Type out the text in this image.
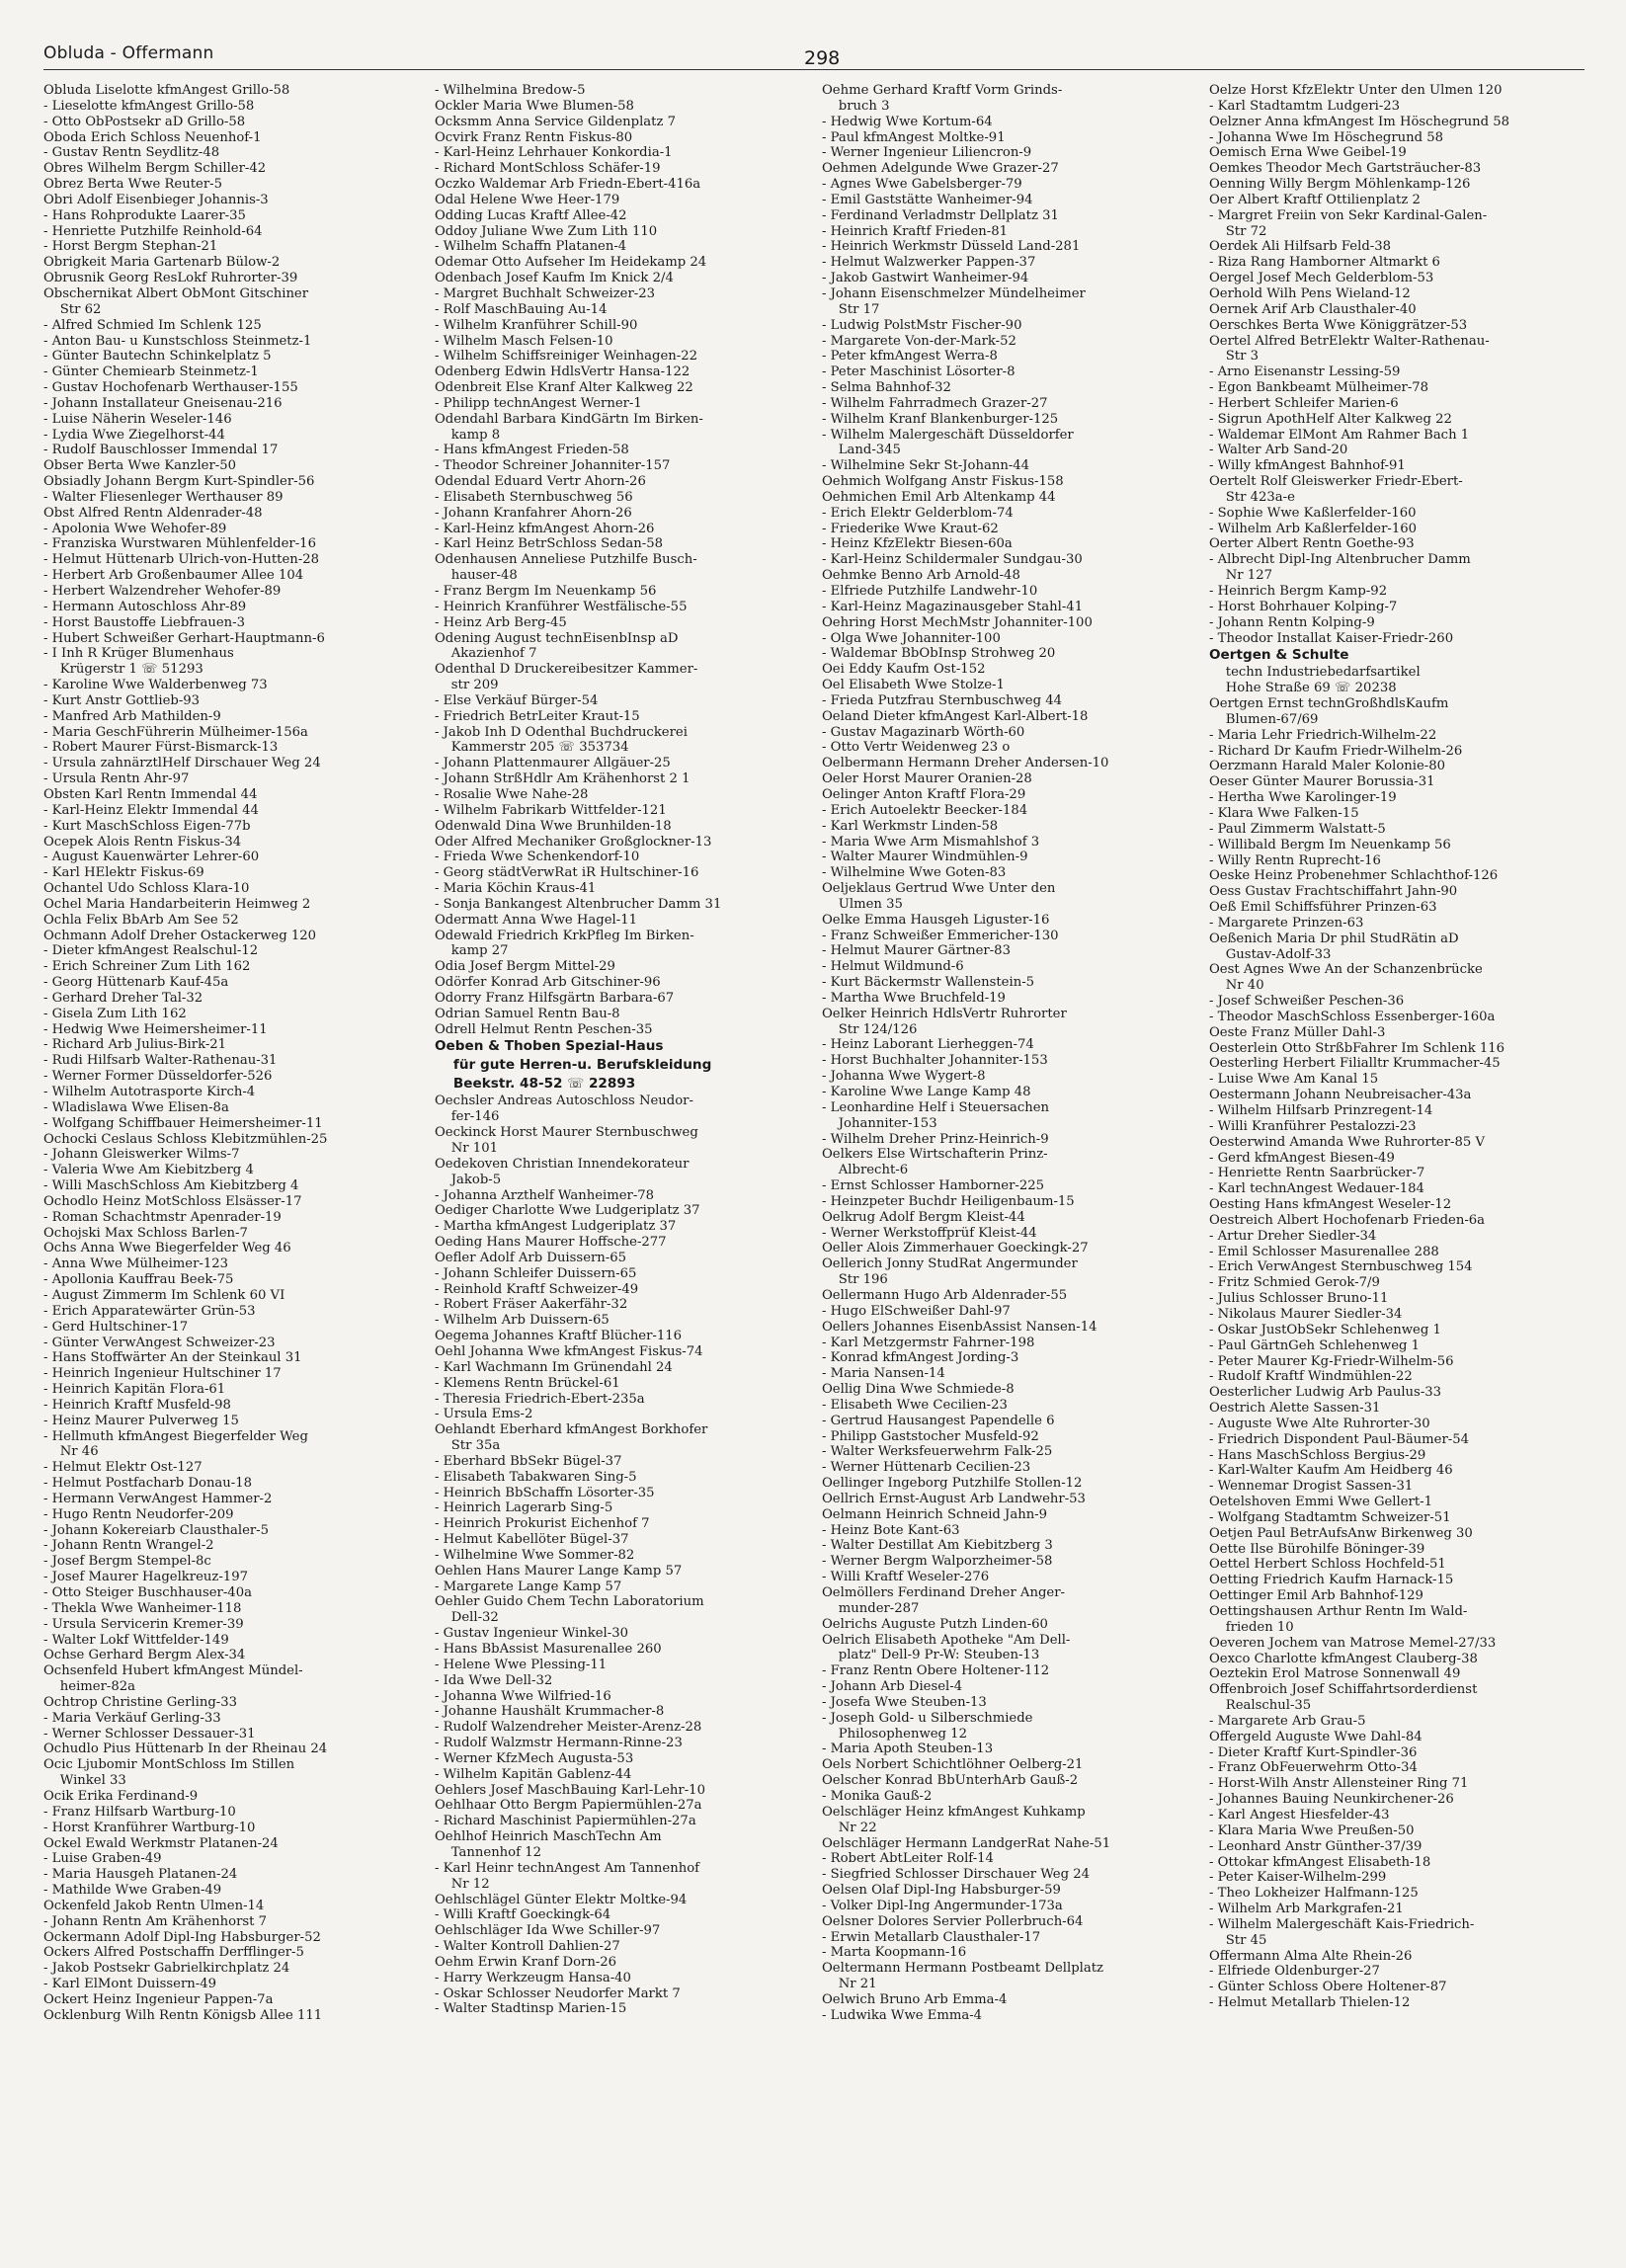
Obluda - Offermann	298
Obluda Liselotte kfmAngest Grillo-58
- Lieselotte kfmAngest Grillo-58
- Otto ObPostsekr aD Grillo-58
Oboda Erich Schloss Neuenhof-1
- Gustav Rentn Seydlitz-48
Obres Wilhelm Bergm Schiller-42
Obrez Berta Wwe Reuter-5
Obri Adolf Eisenbieger Johannis-3
- Hans Rohprodukte Laarer-35
- Henriette Putzhilfe Reinhold-64
- Horst Bergm Stephan-21
Obrigkeit Maria Gartenarb Bülow-2
Obrusnik Georg ResLokf Ruhrorter-39
Obschernikat Albert ObMont Gitschiner
Str 62
- Alfred Schmied Im Schlenk 125
- Anton Bau- u Kunstschloss Steinmetz-1
- Günter Bautechn Schinkelplatz 5
- Günter Chemiearb Steinmetz-1
- Gustav Hochofenarb Werthauser-155
- Johann Installateur Gneisenau-216
- Luise Näherin Weseler-146
- Lydia Wwe Ziegelhorst-44
- Rudolf Bauschlosser Immendal 17
Obser Berta Wwe Kanzler-50
Obsiadly Johann Bergm Kurt-Spindler-56
- Walter Fliesenleger Werthauser 89
Obst Alfred Rentn Aldenrader-48
- Apolonia Wwe Wehofer-89
- Franziska Wurstwaren Mühlenfelder-16
- Helmut Hüttenarb Ulrich-von-Hutten-28
- Herbert Arb Großenbaumer Allee 104
- Herbert Walzendreher Wehofer-89
- Hermann Autoschloss Ahr-89
- Horst Baustoffe Liebfrauen-3
- Hubert Schweißer Gerhart-Hauptmann-6
- I Inh R Krüger Blumenhaus
Krügerstr 1 ☏ 51293
- Karoline Wwe Walderbenweg 73
- Kurt Anstr Gottlieb-93
- Manfred Arb Mathilden-9
- Maria GeschFührerin Mülheimer-156a
- Robert Maurer Fürst-Bismarck-13
- Ursula zahnärztlHelf Dirschauer Weg 24
- Ursula Rentn Ahr-97
Obsten Karl Rentn Immendal 44
- Karl-Heinz Elektr Immendal 44
- Kurt MaschSchloss Eigen-77b
Ocepek Alois Rentn Fiskus-34
- August Kauenwärter Lehrer-60
- Karl HElektr Fiskus-69
Ochantel Udo Schloss Klara-10
Ochel Maria Handarbeiterin Heimweg 2
Ochla Felix BbArb Am See 52
Ochmann Adolf Dreher Ostackerweg 120
- Dieter kfmAngest Realschul-12
- Erich Schreiner Zum Lith 162
- Georg Hüttenarb Kauf-45a
- Gerhard Dreher Tal-32
- Gisela Zum Lith 162
- Hedwig Wwe Heimersheimer-11
- Richard Arb Julius-Birk-21
- Rudi Hilfsarb Walter-Rathenau-31
- Werner Former Düsseldorfer-526
- Wilhelm Autotrasporte Kirch-4
- Wladislawa Wwe Elisen-8a
- Wolfgang Schiffbauer Heimersheimer-11
Ochocki Ceslaus Schloss Klebitzmühlen-25
- Johann Gleiswerker Wilms-7
- Valeria Wwe Am Kiebitzberg 4
- Willi MaschSchloss Am Kiebitzberg 4
Ochodlo Heinz MotSchloss Elsässer-17
- Roman Schachtmstr Apenrader-19
Ochojski Max Schloss Barlen-7
Ochs Anna Wwe Biegerfelder Weg 46
- Anna Wwe Mülheimer-123
- Apollonia Kauffrau Beek-75
- August Zimmerm Im Schlenk 60 VI
- Erich Apparatewärter Grün-53
- Gerd Hultschiner-17
- Günter VerwAngest Schweizer-23
- Hans Stoffwärter An der Steinkaul 31
- Heinrich Ingenieur Hultschiner 17
- Heinrich Kapitän Flora-61
- Heinrich Kraftf Musfeld-98
- Heinz Maurer Pulverweg 15
- Hellmuth kfmAngest Biegerfelder Weg
Nr 46
- Helmut Elektr Ost-127
- Helmut Postfacharb Donau-18
- Hermann VerwAngest Hammer-2
- Hugo Rentn Neudorfer-209
- Johann Kokereiarb Clausthaler-5
- Johann Rentn Wrangel-2
- Josef Bergm Stempel-8c
- Josef Maurer Hagelkreuz-197
- Otto Steiger Buschhauser-40a
- Thekla Wwe Wanheimer-118
- Ursula Servicerin Kremer-39
- Walter Lokf Wittfelder-149
Ochse Gerhard Bergm Alex-34
Ochsenfeld Hubert kfmAngest Mündel-
heimer-82a
Ochtrop Christine Gerling-33
- Maria Verkäuf Gerling-33
- Werner Schlosser Dessauer-31
Ochudlo Pius Hüttenarb In der Rheinau 24
Ocic Ljubomir MontSchloss Im Stillen
Winkel 33
Ocik Erika Ferdinand-9
- Franz Hilfsarb Wartburg-10
- Horst Kranführer Wartburg-10
Ockel Ewald Werkmstr Platanen-24
- Luise Graben-49
- Maria Hausgeh Platanen-24
- Mathilde Wwe Graben-49
Ockenfeld Jakob Rentn Ulmen-14
- Johann Rentn Am Krähenhorst 7
Ockermann Adolf Dipl-Ing Habsburger-52
Ockers Alfred Postschaffn Derfflinger-5
- Jakob Postsekr Gabrielkirchplatz 24
- Karl ElMont Duissern-49
Ockert Heinz Ingenieur Pappen-7a
Ocklenburg Wilh Rentn Königsb Allee 111
- Wilhelmina Bredow-5
Ockler Maria Wwe Blumen-58
Ocksmm Anna Service Gildenplatz 7
Ocvirk Franz Rentn Fiskus-80
- Karl-Heinz Lehrhauer Konkordia-1
- Richard MontSchloss Schäfer-19
Oczko Waldemar Arb Friedn-Ebert-416a
Odal Helene Wwe Heer-179
Odding Lucas Kraftf Allee-42
Oddoy Juliane Wwe Zum Lith 110
- Wilhelm Schaffn Platanen-4
Odemar Otto Aufseher Im Heidekamp 24
Odenbach Josef Kaufm Im Knick 2/4
- Margret Buchhalt Schweizer-23
- Rolf MaschBauing Au-14
- Wilhelm Kranführer Schill-90
- Wilhelm Masch Felsen-10
- Wilhelm Schiffsreiniger Weinhagen-22
Odenberg Edwin HdlsVertr Hansa-122
Odenbreit Else Kranf Alter Kalkweg 22
- Philipp technAngest Werner-1
Odendahl Barbara KindGärtn Im Birken-
kamp 8
- Hans kfmAngest Frieden-58
- Theodor Schreiner Johanniter-157
Odendal Eduard Vertr Ahorn-26
- Elisabeth Sternbuschweg 56
- Johann Kranfahrer Ahorn-26
- Karl-Heinz kfmAngest Ahorn-26
- Karl Heinz BetrSchloss Sedan-58
Odenhausen Anneliese Putzhilfe Busch-
hauser-48
- Franz Bergm Im Neuenkamp 56
- Heinrich Kranführer Westfälische-55
- Heinz Arb Berg-45
Odening August technEisenbInsp aD
Akazienhof 7
Odenthal D Druckereibesitzer Kammer-
str 209
- Else Verkäuf Bürger-54
- Friedrich BetrLeiter Kraut-15
- Jakob Inh D Odenthal Buchdruckerei
Kammerstr 205 ☏ 353734
- Johann Plattenmaurer Allgäuer-25
- Johann StrßHdlr Am Krähenhorst 2 1
- Rosalie Wwe Nahe-28
- Wilhelm Fabrikarb Wittfelder-121
Odenwald Dina Wwe Brunhilden-18
Oder Alfred Mechaniker Großglockner-13
- Frieda Wwe Schenkendorf-10
- Georg städtVerwRat iR Hultschiner-16
- Maria Köchin Kraus-41
- Sonja Bankangest Altenbrucher Damm 31
Odermatt Anna Wwe Hagel-11
Odewald Friedrich KrkPfleg Im Birken-
kamp 27
Odia Josef Bergm Mittel-29
Odörfer Konrad Arb Gitschiner-96
Odorry Franz Hilfsgärtn Barbara-67
Odrian Samuel Rentn Bau-8
Odrell Helmut Rentn Peschen-35
Oeben & Thoben Spezial-Haus
für gute Herren-u. Berufskleidung
Beekstr. 48-52 ☏ 22893
Oechsler Andreas Autoschloss Neudor-
fer-146
Oeckinck Horst Maurer Sternbuschweg
Nr 101
Oedekoven Christian Innendekorateur
Jakob-5
- Johanna Arzthelf Wanheimer-78
Oediger Charlotte Wwe Ludgeriplatz 37
- Martha kfmAngest Ludgeriplatz 37
Oeding Hans Maurer Hoffsche-277
Oefler Adolf Arb Duissern-65
- Johann Schleifer Duissern-65
- Reinhold Kraftf Schweizer-49
- Robert Fräser Aakerfähr-32
- Wilhelm Arb Duissern-65
Oegema Johannes Kraftf Blücher-116
Oehl Johanna Wwe kfmAngest Fiskus-74
- Karl Wachmann Im Grünendahl 24
- Klemens Rentn Brückel-61
- Theresia Friedrich-Ebert-235a
- Ursula Ems-2
Oehlandt Eberhard kfmAngest Borkhofer
Str 35a
- Eberhard BbSekr Bügel-37
- Elisabeth Tabakwaren Sing-5
- Heinrich BbSchaffn Lösorter-35
- Heinrich Lagerarb Sing-5
- Heinrich Prokurist Eichenhof 7
- Helmut Kabellöter Bügel-37
- Wilhelmine Wwe Sommer-82
Oehlen Hans Maurer Lange Kamp 57
- Margarete Lange Kamp 57
Oehler Guido Chem Techn Laboratorium
Dell-32
- Gustav Ingenieur Winkel-30
- Hans BbAssist Masurenallee 260
- Helene Wwe Plessing-11
- Ida Wwe Dell-32
- Johanna Wwe Wilfried-16
- Johanne Haushält Krummacher-8
- Rudolf Walzendreher Meister-Arenz-28
- Rudolf Walzmstr Hermann-Rinne-23
- Werner KfzMech Augusta-53
- Wilhelm Kapitän Gablenz-44
Oehlers Josef MaschBauing Karl-Lehr-10
Oehlhaar Otto Bergm Papiermühlen-27a
- Richard Maschinist Papiermühlen-27a
Oehlhof Heinrich MaschTechn Am
Tannenhof 12
- Karl Heinr technAngest Am Tannenhof
Nr 12
Oehlschlägel Günter Elektr Moltke-94
- Willi Kraftf Goeckingk-64
Oehlschläger Ida Wwe Schiller-97
- Walter Kontroll Dahlien-27
Oehm Erwin Kranf Dorn-26
- Harry Werkzeugm Hansa-40
- Oskar Schlosser Neudorfer Markt 7
- Walter Stadtinsp Marien-15
Oehme Gerhard Kraftf Vorm Grinds-
bruch 3
- Hedwig Wwe Kortum-64
- Paul kfmAngest Moltke-91
- Werner Ingenieur Liliencron-9
Oehmen Adelgunde Wwe Grazer-27
- Agnes Wwe Gabelsberger-79
- Emil Gaststätte Wanheimer-94
- Ferdinand Verladmstr Dellplatz 31
- Heinrich Kraftf Frieden-81
- Heinrich Werkmstr Düsseld Land-281
- Helmut Walzwerker Pappen-37
- Jakob Gastwirt Wanheimer-94
- Johann Eisenschmelzer Mündelheimer
Str 17
- Ludwig PolstMstr Fischer-90
- Margarete Von-der-Mark-52
- Peter kfmAngest Werra-8
- Peter Maschinist Lösorter-8
- Selma Bahnhof-32
- Wilhelm Fahrradmech Grazer-27
- Wilhelm Kranf Blankenburger-125
- Wilhelm Malergeschäft Düsseldorfer
Land-345
- Wilhelmine Sekr St-Johann-44
Oehmich Wolfgang Anstr Fiskus-158
Oehmichen Emil Arb Altenkamp 44
- Erich Elektr Gelderblom-74
- Friederike Wwe Kraut-62
- Heinz KfzElektr Biesen-60a
- Karl-Heinz Schildermaler Sundgau-30
Oehmke Benno Arb Arnold-48
- Elfriede Putzhilfe Landwehr-10
- Karl-Heinz Magazinausgeber Stahl-41
Oehring Horst MechMstr Johanniter-100
- Olga Wwe Johanniter-100
- Waldemar BbObInsp Strohweg 20
Oei Eddy Kaufm Ost-152
Oel Elisabeth Wwe Stolze-1
- Frieda Putzfrau Sternbuschweg 44
Oeland Dieter kfmAngest Karl-Albert-18
- Gustav Magazinarb Wörth-60
- Otto Vertr Weidenweg 23 o
Oelbermann Hermann Dreher Andersen-10
Oeler Horst Maurer Oranien-28
Oelinger Anton Kraftf Flora-29
- Erich Autoelektr Beecker-184
- Karl Werkmstr Linden-58
- Maria Wwe Arm Mismahlshof 3
- Walter Maurer Windmühlen-9
- Wilhelmine Wwe Goten-83
Oeljeklaus Gertrud Wwe Unter den
Ulmen 35
Oelke Emma Hausgeh Liguster-16
- Franz Schweißer Emmericher-130
- Helmut Maurer Gärtner-83
- Helmut Wildmund-6
- Kurt Bäckermstr Wallenstein-5
- Martha Wwe Bruchfeld-19
Oelker Heinrich HdlsVertr Ruhrorter
Str 124/126
- Heinz Laborant Lierheggen-74
- Horst Buchhalter Johanniter-153
- Johanna Wwe Wygert-8
- Karoline Wwe Lange Kamp 48
- Leonhardine Helf i Steuersachen
Johanniter-153
- Wilhelm Dreher Prinz-Heinrich-9
Oelkers Else Wirtschafterin Prinz-
Albrecht-6
- Ernst Schlosser Hamborner-225
- Heinzpeter Buchdr Heiligenbaum-15
Oelkrug Adolf Bergm Kleist-44
- Werner Werkstoffprüf Kleist-44
Oeller Alois Zimmerhauer Goeckingk-27
Oellerich Jonny StudRat Angermunder
Str 196
Oellermann Hugo Arb Aldenrader-55
- Hugo ElSchweißer Dahl-97
Oellers Johannes EisenbAssist Nansen-14
- Karl Metzgermstr Fahrner-198
- Konrad kfmAngest Jording-3
- Maria Nansen-14
Oellig Dina Wwe Schmiede-8
- Elisabeth Wwe Cecilien-23
- Gertrud Hausangest Papendelle 6
- Philipp Gaststocher Musfeld-92
- Walter Werksfeuerwehrm Falk-25
- Werner Hüttenarb Cecilien-23
Oellinger Ingeborg Putzhilfe Stollen-12
Oellrich Ernst-August Arb Landwehr-53
Oelmann Heinrich Schneid Jahn-9
- Heinz Bote Kant-63
- Walter Destillat Am Kiebitzberg 3
- Werner Bergm Walporzheimer-58
- Willi Kraftf Weseler-276
Oelmöllers Ferdinand Dreher Anger-
munder-287
Oelrichs Auguste Putzh Linden-60
Oelrich Elisabeth Apotheke "Am Dell-
platz" Dell-9 Pr-W: Steuben-13
- Franz Rentn Obere Holtener-112
- Johann Arb Diesel-4
- Josefa Wwe Steuben-13
- Joseph Gold- u Silberschmiede
Philosophenweg 12
- Maria Apoth Steuben-13
Oels Norbert Schichtlöhner Oelberg-21
Oelscher Konrad BbUnterhArb Gauß-2
- Monika Gauß-2
Oelschläger Heinz kfmAngest Kuhkamp
Nr 22
Oelschläger Hermann LandgerRat Nahe-51
- Robert AbtLeiter Rolf-14
- Siegfried Schlosser Dirschauer Weg 24
Oelsen Olaf Dipl-Ing Habsburger-59
- Volker Dipl-Ing Angermunder-173a
Oelsner Dolores Servier Pollerbruch-64
- Erwin Metallarb Clausthaler-17
- Marta Koopmann-16
Oeltermann Hermann Postbeamt Dellplatz
Nr 21
Oelwich Bruno Arb Emma-4
- Ludwika Wwe Emma-4
Oelze Horst KfzElektr Unter den Ulmen 120
- Karl Stadtamtm Ludgeri-23
Oelzner Anna kfmAngest Im Höschegrund 58
- Johanna Wwe Im Höschegrund 58
Oemisch Erna Wwe Geibel-19
Oemkes Theodor Mech Gartsträucher-83
Oenning Willy Bergm Möhlenkamp-126
Oer Albert Kraftf Ottilienplatz 2
- Margret Freiin von Sekr Kardinal-Galen-
Str 72
Oerdek Ali Hilfsarb Feld-38
- Riza Rang Hamborner Altmarkt 6
Oergel Josef Mech Gelderblom-53
Oerhold Wilh Pens Wieland-12
Oernek Arif Arb Clausthaler-40
Oerschkes Berta Wwe Königgrätzer-53
Oertel Alfred BetrElektr Walter-Rathenau-
Str 3
- Arno Eisenanstr Lessing-59
- Egon Bankbeamt Mülheimer-78
- Herbert Schleifer Marien-6
- Sigrun ApothHelf Alter Kalkweg 22
- Waldemar ElMont Am Rahmer Bach 1
- Walter Arb Sand-20
- Willy kfmAngest Bahnhof-91
Oertelt Rolf Gleiswerker Friedr-Ebert-
Str 423a-e
- Sophie Wwe Kaßlerfelder-160
- Wilhelm Arb Kaßlerfelder-160
Oerter Albert Rentn Goethe-93
- Albrecht Dipl-Ing Altenbrucher Damm
Nr 127
- Heinrich Bergm Kamp-92
- Horst Bohrhauer Kolping-7
- Johann Rentn Kolping-9
- Theodor Installat Kaiser-Friedr-260
Oertgen & Schulte
techn Industriebedarfsartikel
Hohe Straße 69 ☏ 20238
Oertgen Ernst technGroßhdlsKaufm
Blumen-67/69
- Maria Lehr Friedrich-Wilhelm-22
- Richard Dr Kaufm Friedr-Wilhelm-26
Oerzmann Harald Maler Kolonie-80
Oeser Günter Maurer Borussia-31
- Hertha Wwe Karolinger-19
- Klara Wwe Falken-15
- Paul Zimmerm Walstatt-5
- Willibald Bergm Im Neuenkamp 56
- Willy Rentn Ruprecht-16
Oeske Heinz Probenehmer Schlachthof-126
Oess Gustav Frachtschiffahrt Jahn-90
Oeß Emil Schiffsführer Prinzen-63
- Margarete Prinzen-63
Oeßenich Maria Dr phil StudRätin aD
Gustav-Adolf-33
Oest Agnes Wwe An der Schanzenbrücke
Nr 40
- Josef Schweißer Peschen-36
- Theodor MaschSchloss Essenberger-160a
Oeste Franz Müller Dahl-3
Oesterlein Otto StrßbFahrer Im Schlenk 116
Oesterling Herbert Filialltr Krummacher-45
- Luise Wwe Am Kanal 15
Oestermann Johann Neubreisacher-43a
- Wilhelm Hilfsarb Prinzregent-14
- Willi Kranführer Pestalozzi-23
Oesterwind Amanda Wwe Ruhrorter-85 V
- Gerd kfmAngest Biesen-49
- Henriette Rentn Saarbrücker-7
- Karl technAngest Wedauer-184
Oesting Hans kfmAngest Weseler-12
Oestreich Albert Hochofenarb Frieden-6a
- Artur Dreher Siedler-34
- Emil Schlosser Masurenallee 288
- Erich VerwAngest Sternbuschweg 154
- Fritz Schmied Gerok-7/9
- Julius Schlosser Bruno-11
- Nikolaus Maurer Siedler-34
- Oskar JustObSekr Schlehenweg 1
- Paul GärtnGeh Schlehenweg 1
- Peter Maurer Kg-Friedr-Wilhelm-56
- Rudolf Kraftf Windmühlen-22
Oesterlicher Ludwig Arb Paulus-33
Oestrich Alette Sassen-31
- Auguste Wwe Alte Ruhrorter-30
- Friedrich Dispondent Paul-Bäumer-54
- Hans MaschSchloss Bergius-29
- Karl-Walter Kaufm Am Heidberg 46
- Wennemar Drogist Sassen-31
Oetelshoven Emmi Wwe Gellert-1
- Wolfgang Stadtamtm Schweizer-51
Oetjen Paul BetrAufsAnw Birkenweg 30
Oette Ilse Bürohilfe Böninger-39
Oettel Herbert Schloss Hochfeld-51
Oetting Friedrich Kaufm Harnack-15
Oettinger Emil Arb Bahnhof-129
Oettingshausen Arthur Rentn Im Wald-
frieden 10
Oeveren Jochem van Matrose Memel-27/33
Oexco Charlotte kfmAngest Clauberg-38
Oeztekin Erol Matrose Sonnenwall 49
Offenbroich Josef Schiffahrtsorderdienst
Realschul-35
- Margarete Arb Grau-5
Offergeld Auguste Wwe Dahl-84
- Dieter Kraftf Kurt-Spindler-36
- Franz ObFeuerwehrm Otto-34
- Horst-Wilh Anstr Allensteiner Ring 71
- Johannes Bauing Neunkirchener-26
- Karl Angest Hiesfelder-43
- Klara Maria Wwe Preußen-50
- Leonhard Anstr Günther-37/39
- Ottokar kfmAngest Elisabeth-18
- Peter Kaiser-Wilhelm-299
- Theo Lokheizer Halfmann-125
- Wilhelm Arb Markgrafen-21
- Wilhelm Malergeschäft Kais-Friedrich-
Str 45
Offermann Alma Alte Rhein-26
- Elfriede Oldenburger-27
- Günter Schloss Obere Holtener-87
- Helmut Metallarb Thielen-12
